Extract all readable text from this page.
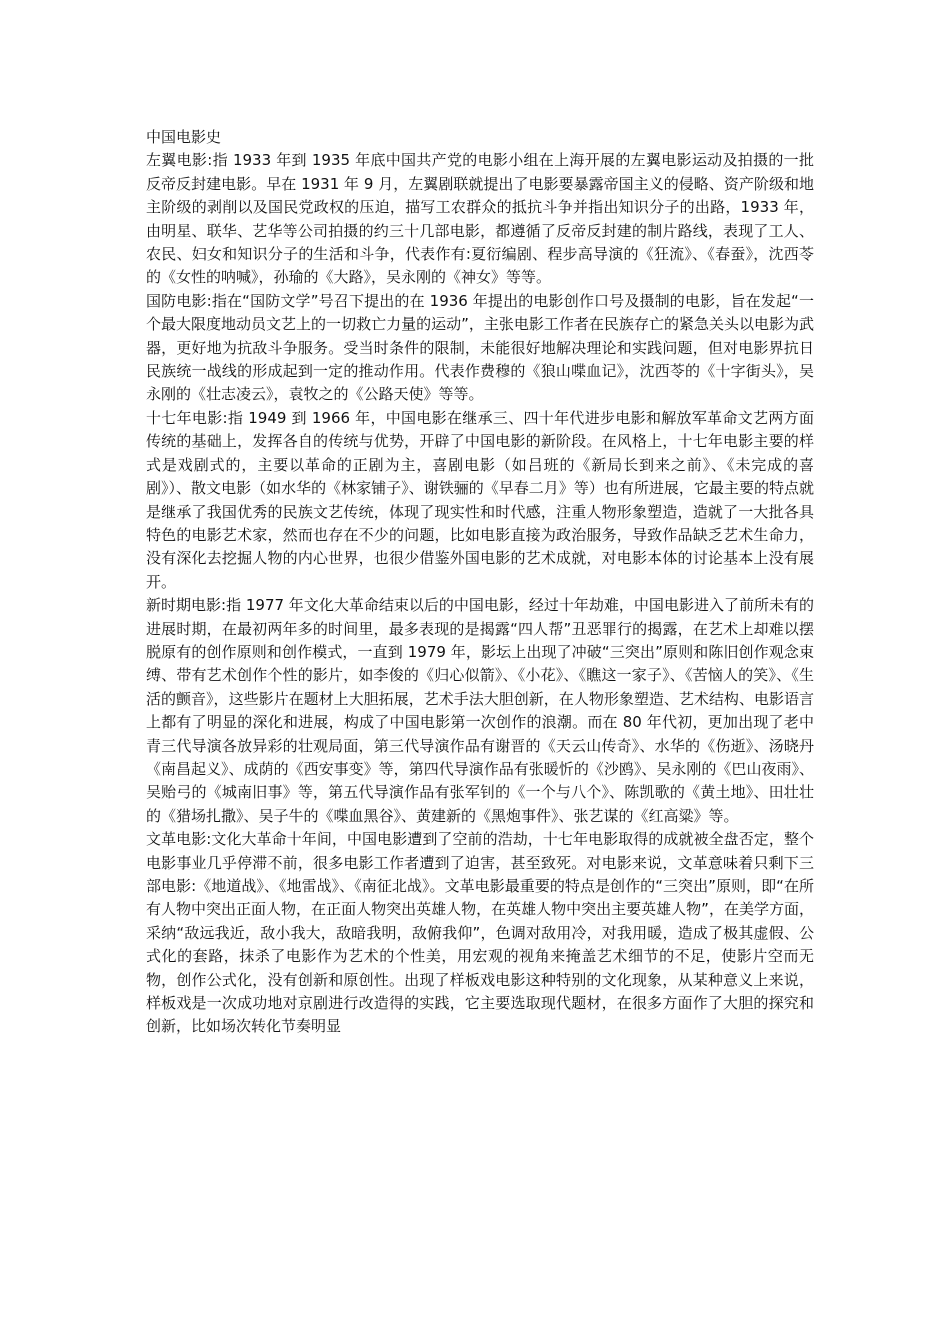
中国电影史

左翼电影:指 1933 年到 1935 年底中国共产党的电影小组在上海开展的左翼电影运动及拍摄的一批反帝反封建电影。早在 1931 年 9 月，左翼剧联就提出了电影要暴露帝国主义的侵略、资产阶级和地主阶级的剥削以及国民党政权的压迫，描写工农群众的抵抗斗争并指出知识分子的出路，1933 年，由明星、联华、艺华等公司拍摄的约三十几部电影，都遵循了反帝反封建的制片路线，表现了工人、农民、妇女和知识分子的生活和斗争，代表作有:夏衍编剧、程步高导演的《狂流》、《春蚕》，沈西苓的《女性的呐喊》，孙瑜的《大路》，吴永刚的《神女》等等。

国防电影:指在“国防文学”号召下提出的在 1936 年提出的电影创作口号及摄制的电影，旨在发起“一个最大限度地动员文艺上的一切救亡力量的运动”，主张电影工作者在民族存亡的紧急关头以电影为武器，更好地为抗敌斗争服务。受当时条件的限制，未能很好地解决理论和实践问题，但对电影界抗日民族统一战线的形成起到一定的推动作用。代表作费穆的《狼山喋血记》，沈西苓的《十字街头》，吴永刚的《壮志凌云》，袁牧之的《公路天使》等等。

十七年电影:指 1949 到 1966 年，中国电影在继承三、四十年代进步电影和解放军革命文艺两方面传统的基础上，发挥各自的传统与优势，开辟了中国电影的新阶段。在风格上，十七年电影主要的样式是戏剧式的，主要以革命的正剧为主，喜剧电影（如吕班的《新局长到来之前》、《未完成的喜剧》）、散文电影（如水华的《林家铺子》、谢铁骊的《早春二月》等）也有所进展，它最主要的特点就是继承了我国优秀的民族文艺传统，体现了现实性和时代感，注重人物形象塑造，造就了一大批各具特色的电影艺术家，然而也存在不少的问题，比如电影直接为政治服务，导致作品缺乏艺术生命力，没有深化去挖掘人物的内心世界，也很少借鉴外国电影的艺术成就，对电影本体的讨论基本上没有展开。

新时期电影:指 1977 年文化大革命结束以后的中国电影，经过十年劫难，中国电影进入了前所未有的进展时期，在最初两年多的时间里，最多表现的是揭露“四人帮”丑恶罪行的揭露，在艺术上却难以摆脱原有的创作原则和创作模式，一直到 1979 年，影坛上出现了冲破“三突出”原则和陈旧创作观念束缚、带有艺术创作个性的影片，如李俊的《归心似箭》、《小花》、《瞧这一家子》、《苦恼人的笑》、《生活的颤音》，这些影片在题材上大胆拓展，艺术手法大胆创新，在人物形象塑造、艺术结构、电影语言上都有了明显的深化和进展，构成了中国电影第一次创作的浪潮。而在 80 年代初，更加出现了老中青三代导演各放异彩的壮观局面，第三代导演作品有谢晋的《天云山传奇》、水华的《伤逝》、汤晓丹《南昌起义》、成荫的《西安事变》等，第四代导演作品有张暖忻的《沙鸥》、吴永刚的《巴山夜雨》、吴贻弓的《城南旧事》等，第五代导演作品有张军钊的《一个与八个》、陈凯歌的《黄土地》、田壮壮的《猎场扎撒》、吴子牛的《喋血黑谷》、黄建新的《黑炮事件》、张艺谋的《红高粱》等。

文革电影:文化大革命十年间，中国电影遭到了空前的浩劫，十七年电影取得的成就被全盘否定，整个电影事业几乎停滞不前，很多电影工作者遭到了迫害，甚至致死。对电影来说，文革意味着只剩下三部电影:《地道战》、《地雷战》、《南征北战》。文革电影最重要的特点是创作的“三突出”原则，即“在所有人物中突出正面人物，在正面人物突出英雄人物，在英雄人物中突出主要英雄人物”，在美学方面，采纳“敌远我近，敌小我大，敌暗我明，敌俯我仰”，色调对敌用冷，对我用暖，造成了极其虚假、公式化的套路，抹杀了电影作为艺术的个性美，用宏观的视角来掩盖艺术细节的不足，使影片空而无物，创作公式化，没有创新和原创性。出现了样板戏电影这种特别的文化现象，从某种意义上来说，样板戏是一次成功地对京剧进行改造得的实践，它主要选取现代题材，在很多方面作了大胆的探究和创新，比如场次转化节奏明显
